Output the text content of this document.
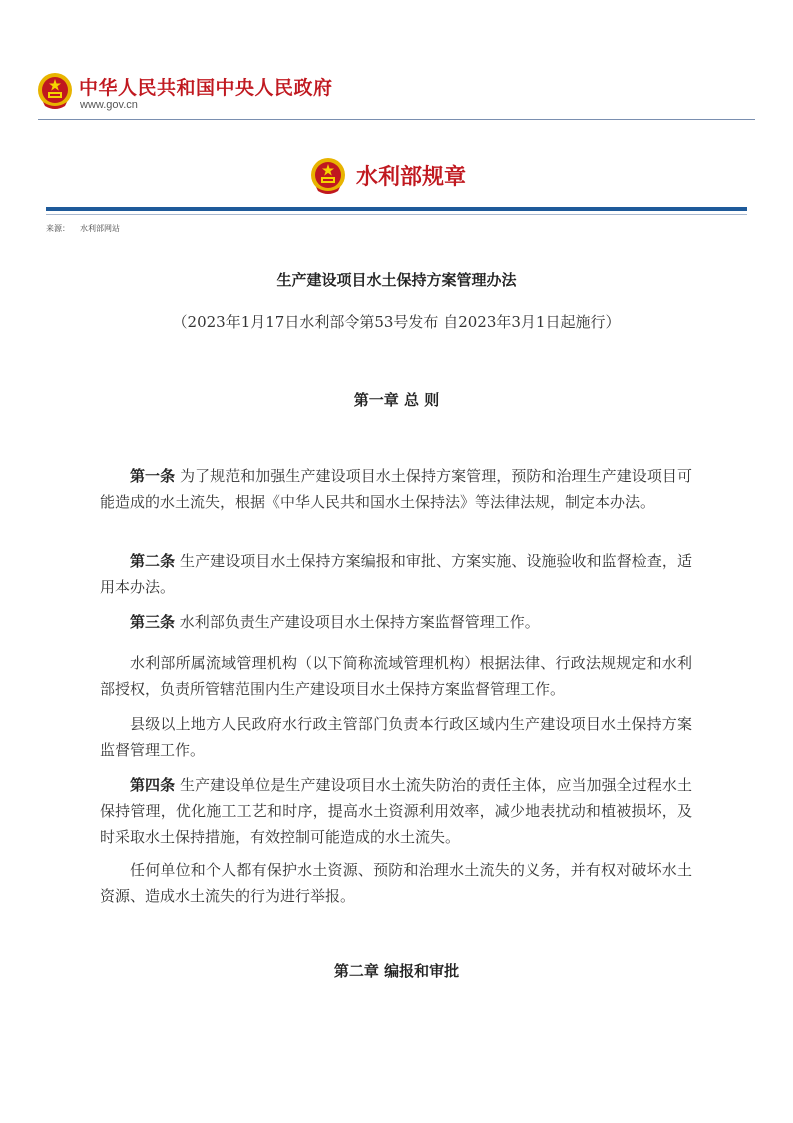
中华人民共和国中央人民政府
www.gov.cn
水利部规章
来源： 水利部网站
生产建设项目水土保持方案管理办法
（2023年1月17日水利部令第53号发布 自2023年3月1日起施行）
第一章 总 则

第一条 为了规范和加强生产建设项目水土保持方案管理，预防和治理生产建设项目可能造成的水土流失，根据《中华人民共和国水土保持法》等法律法规，制定本办法。

第二条 生产建设项目水土保持方案编报和审批、方案实施、设施验收和监督检查，适用本办法。

第三条 水利部负责生产建设项目水土保持方案监督管理工作。

水利部所属流域管理机构（以下简称流域管理机构）根据法律、行政法规规定和水利部授权，负责所管辖范围内生产建设项目水土保持方案监督管理工作。

县级以上地方人民政府水行政主管部门负责本行政区域内生产建设项目水土保持方案监督管理工作。

第四条 生产建设单位是生产建设项目水土流失防治的责任主体，应当加强全过程水土保持管理，优化施工工艺和时序，提高水土资源利用效率，减少地表扰动和植被损坏，及时采取水土保持措施，有效控制可能造成的水土流失。

任何单位和个人都有保护水土资源、预防和治理水土流失的义务，并有权对破坏水土资源、造成水土流失的行为进行举报。

第二章 编报和审批
